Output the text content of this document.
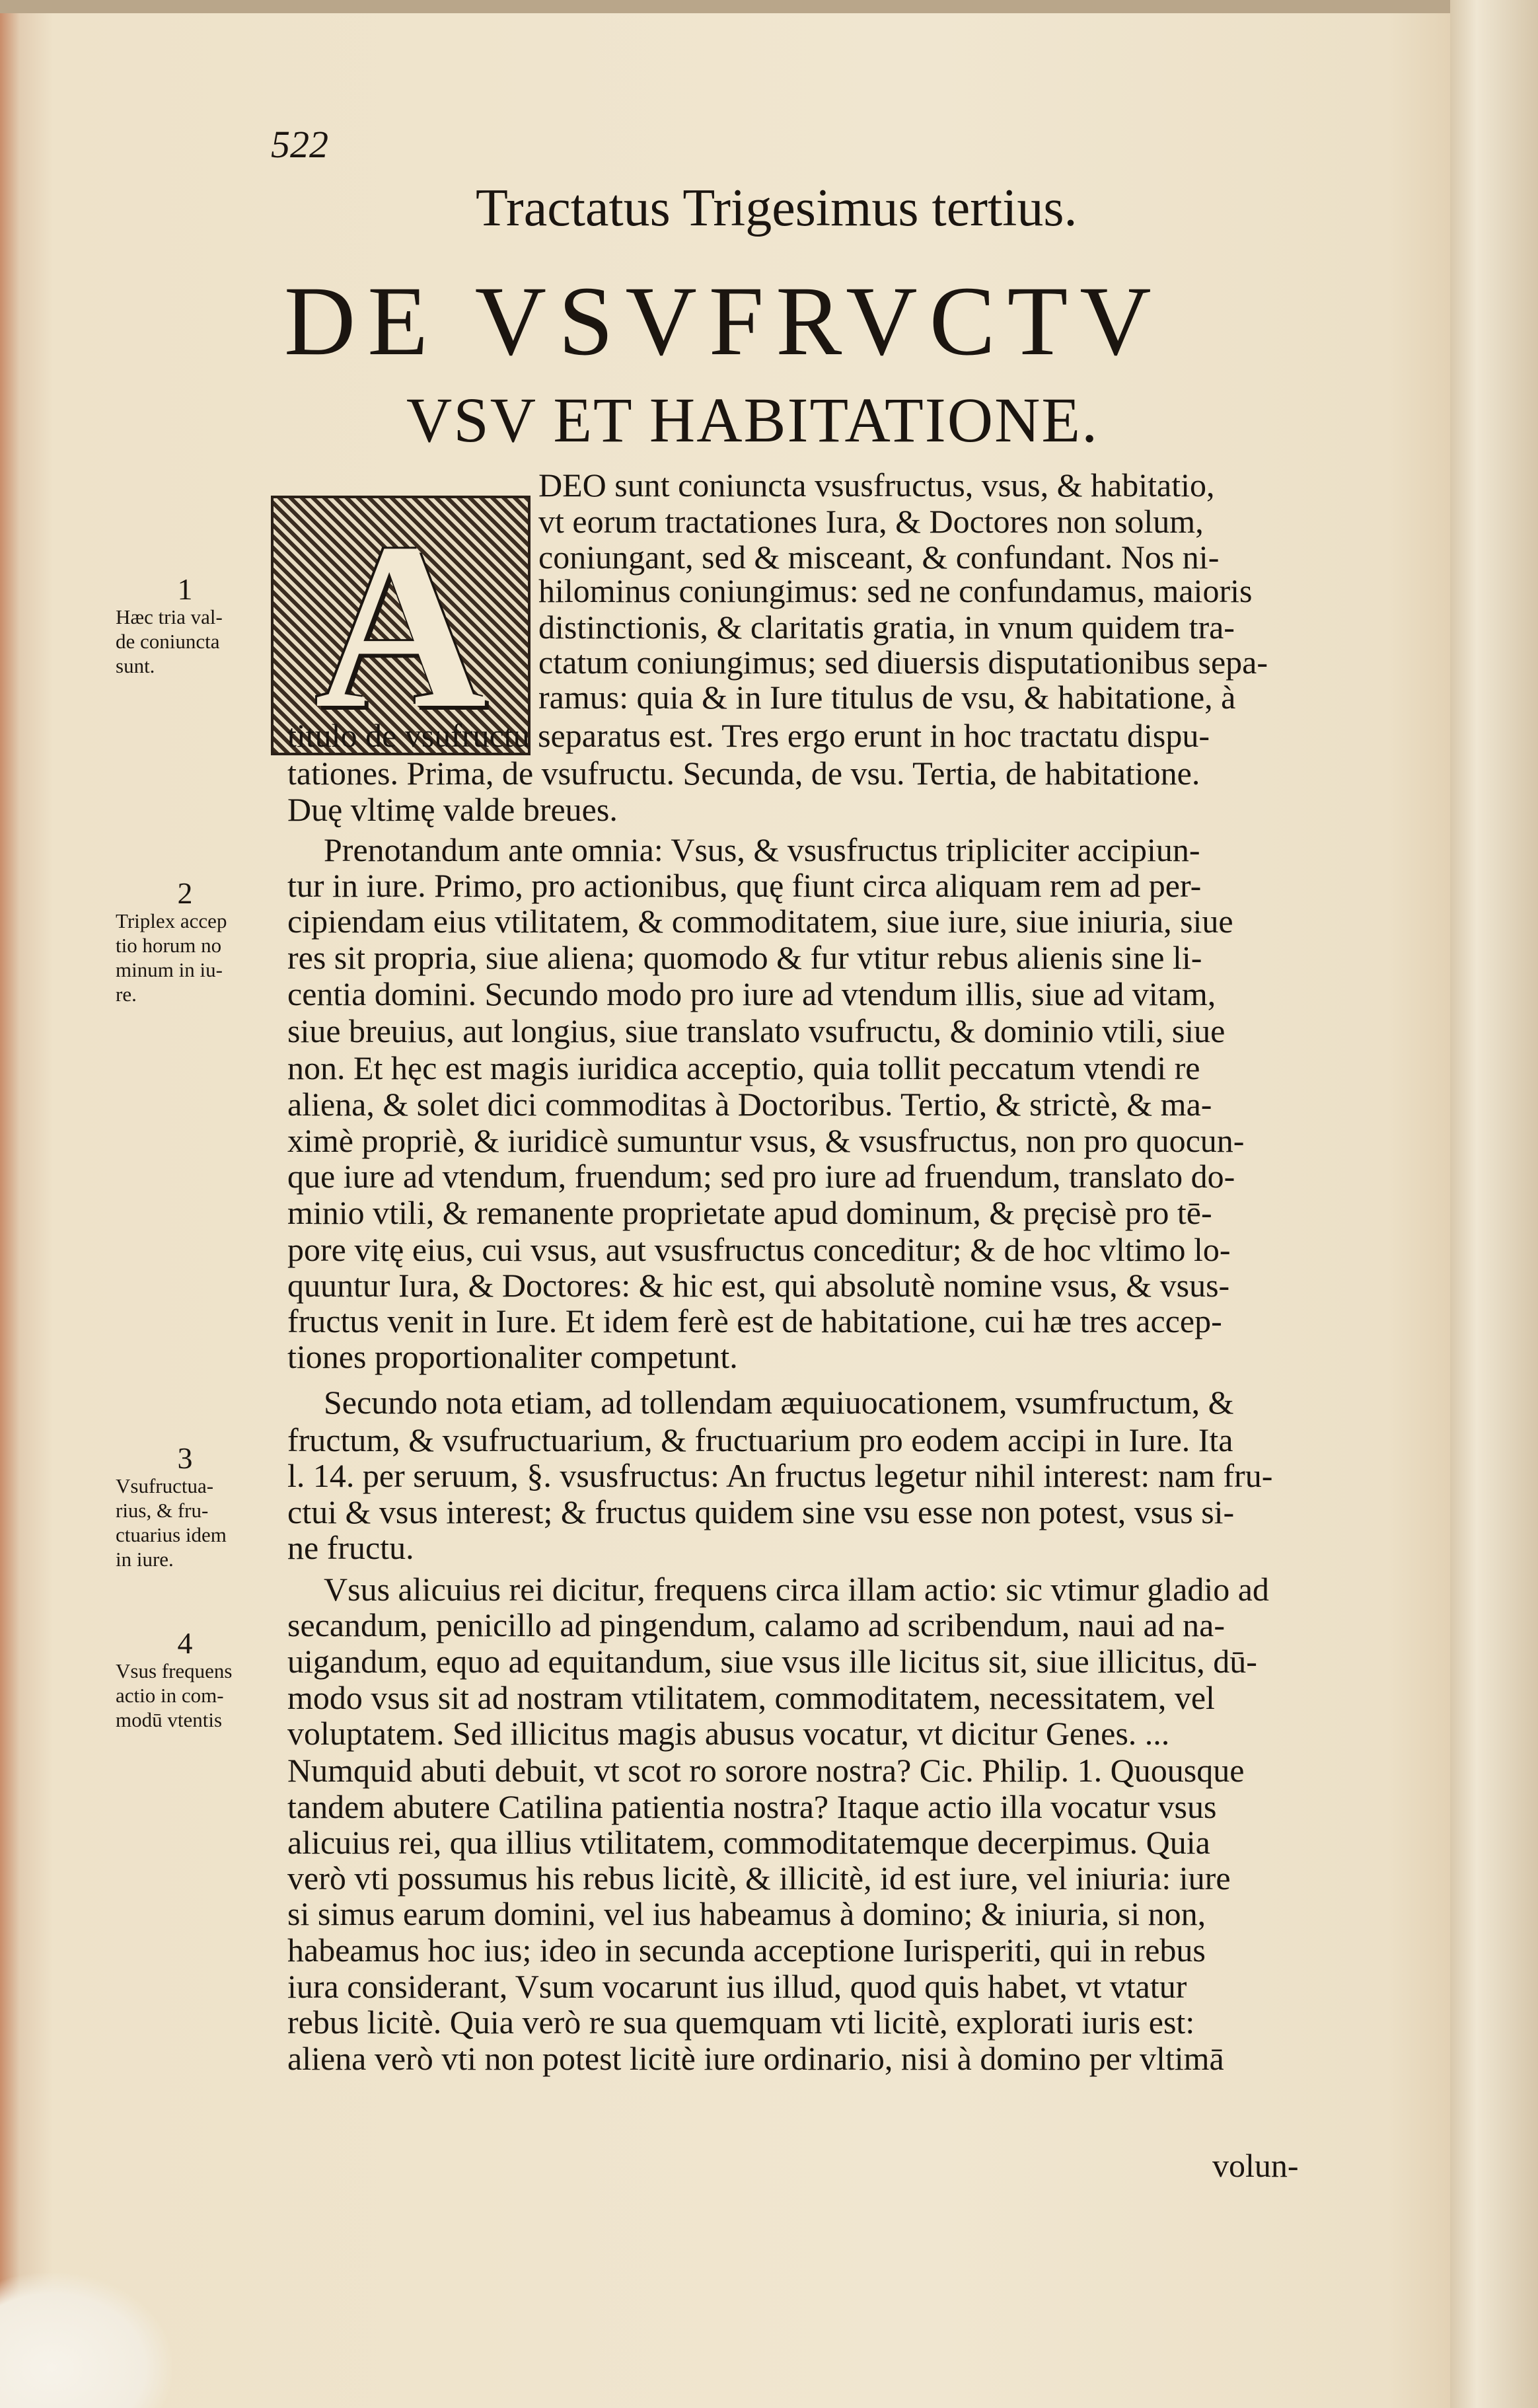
522
Tractatus Trigesimus tertius.
DE VSVFRVCTV
VSV ET HABITATIONE.
A
DEO sunt coniuncta vsusfructus, vsus, & habitatio,
vt eorum tractationes Iura, & Doctores non solum,
coniungant, sed & misceant, & confundant. Nos ni-
hilominus coniungimus: sed ne confundamus, maioris
distinctionis, & claritatis gratia, in vnum quidem tra-
ctatum coniungimus; sed diuersis disputationibus sepa-
ramus: quia & in Iure titulus de vsu, & habitatione, à
titulo de vsufructu separatus est. Tres ergo erunt in hoc tractatu dispu-
tationes. Prima, de vsufructu. Secunda, de vsu. Tertia, de habitatione.
Duę vltimę valde breues.
Prenotandum ante omnia: Vsus, & vsusfructus tripliciter accipiun-
tur in iure. Primo, pro actionibus, quę fiunt circa aliquam rem ad per-
cipiendam eius vtilitatem, & commoditatem, siue iure, siue iniuria, siue
res sit propria, siue aliena; quomodo & fur vtitur rebus alienis sine li-
centia domini. Secundo modo pro iure ad vtendum illis, siue ad vitam,
siue breuius, aut longius, siue translato vsufructu, & dominio vtili, siue
non. Et hęc est magis iuridica acceptio, quia tollit peccatum vtendi re
aliena, & solet dici commoditas à Doctoribus. Tertio, & strictè, & ma-
ximè propriè, & iuridicè sumuntur vsus, & vsusfructus, non pro quocun-
que iure ad vtendum, fruendum; sed pro iure ad fruendum, translato do-
minio vtili, & remanente proprietate apud dominum, & pręcisè pro tē-
pore vitę eius, cui vsus, aut vsusfructus conceditur; & de hoc vltimo lo-
quuntur Iura, & Doctores: & hic est, qui absolutè nomine vsus, & vsus-
fructus venit in Iure. Et idem ferè est de habitatione, cui hæ tres accep-
tiones proportionaliter competunt.
Secundo nota etiam, ad tollendam æquiuocationem, vsumfructum, &
fructum, & vsufructuarium, & fructuarium pro eodem accipi in Iure. Ita
l. 14. per seruum, §. vsusfructus: An fructus legetur nihil interest: nam fru-
ctui & vsus interest; & fructus quidem sine vsu esse non potest, vsus si-
ne fructu.
Vsus alicuius rei dicitur, frequens circa illam actio: sic vtimur gladio ad
secandum, penicillo ad pingendum, calamo ad scribendum, naui ad na-
uigandum, equo ad equitandum, siue vsus ille licitus sit, siue illicitus, dū-
modo vsus sit ad nostram vtilitatem, commoditatem, necessitatem, vel
voluptatem. Sed illicitus magis abusus vocatur, vt dicitur Genes. ...
Numquid abuti debuit, vt scot ro sorore nostra? Cic. Philip. 1. Quousque
tandem abutere Catilina patientia nostra? Itaque actio illa vocatur vsus
alicuius rei, qua illius vtilitatem, commoditatemque decerpimus. Quia
verò vti possumus his rebus licitè, & illicitè, id est iure, vel iniuria: iure
si simus earum domini, vel ius habeamus à domino; & iniuria, si non,
habeamus hoc ius; ideo in secunda acceptione Iurisperiti, qui in rebus
iura considerant, Vsum vocarunt ius illud, quod quis habet, vt vtatur
rebus licitè. Quia verò re sua quemquam vti licitè, explorati iuris est:
aliena verò vti non potest licitè iure ordinario, nisi à domino per vltimā
1
Hæc tria val-
de coniuncta
sunt.
2
Triplex accep
tio horum no
minum in iu-
re.
3
Vsufructua-
rius, & fru-
ctuarius idem
in iure.
4
Vsus frequens
actio in com-
modū vtentis
volun-
